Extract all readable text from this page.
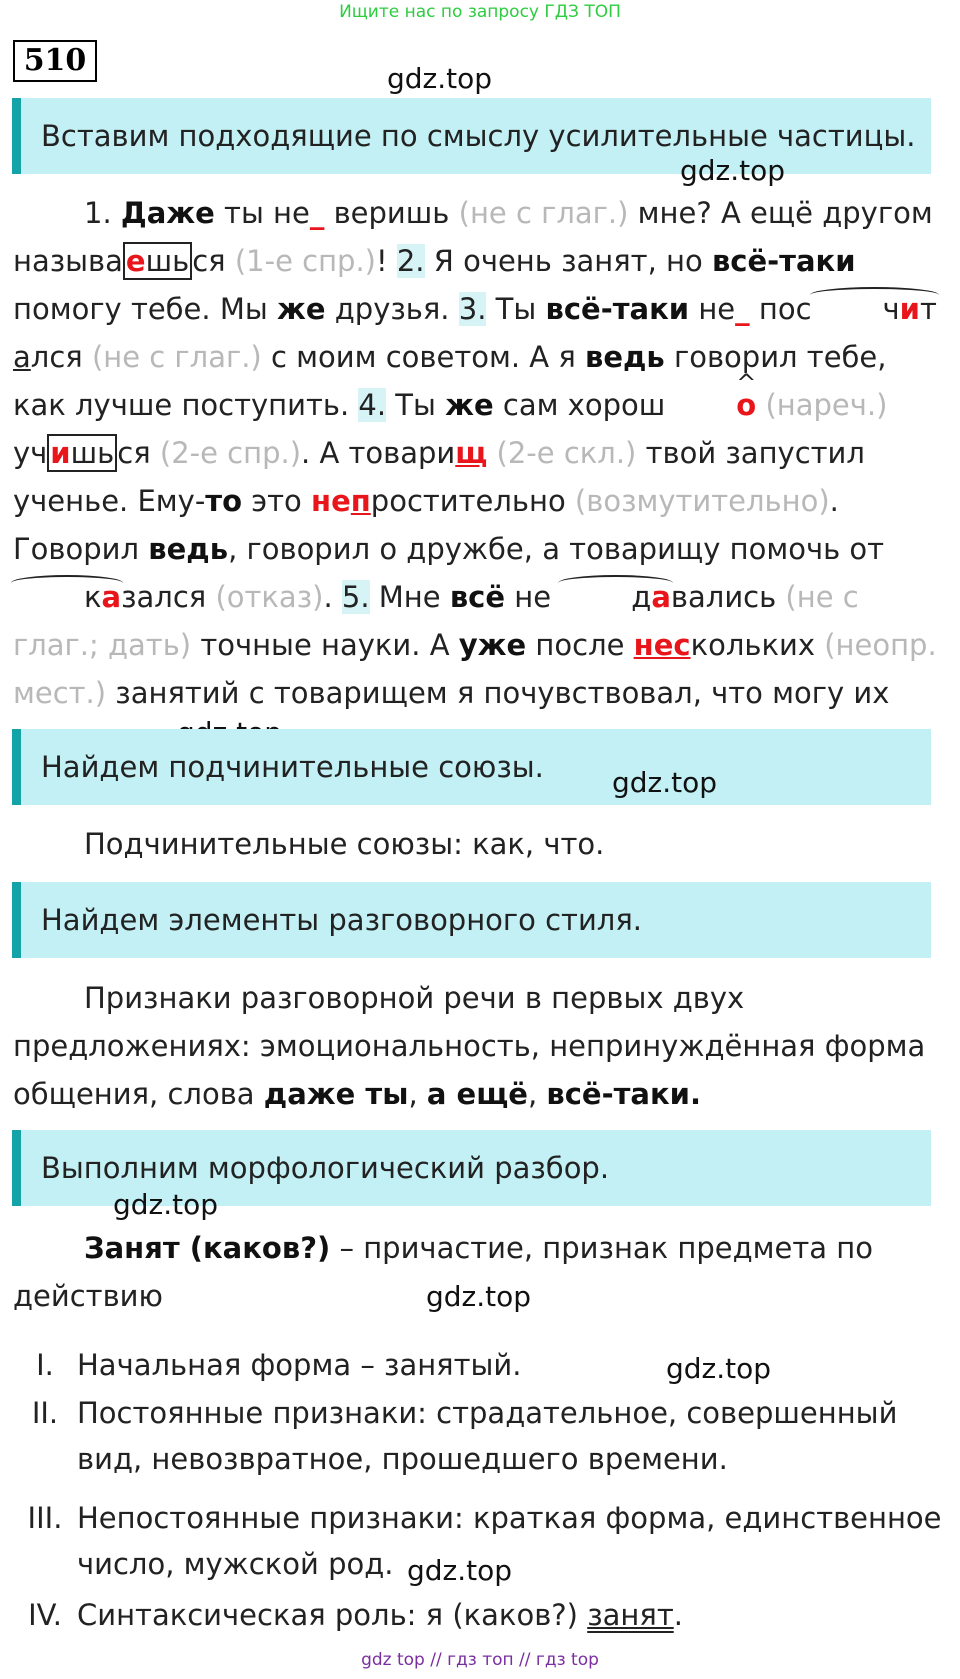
Ищите нас по запросу ГДЗ ТОП
510
gdz.top
Вставим подходящие по смыслу усилительные частицы.
gdz.top

1. Даже ты не_ веришь (не с глаг.) мне? А ещё другом называ ешь ся (1-е спр.)! 2. Я очень занят, но всё-таки помогу тебе. Мы же друзья. 3. Ты всё-таки не_ пос читался (не с глаг.) с моим советом. А я ведь говорил тебе, как лучше поступить. 4. Ты же сам хорош^ о (нареч.) уч ишь ся (2-е спр.). А товарищ (2-е скл.) твой запустил ученье. Ему-то это непростительно (возмутительно). Говорил ведь, говорил о дружбе, а товарищу помочь отказался (отказ). 5. Мне всё не давались (не с глаг.; дать) точные науки. А уже после нескольких (неопр. мест.) занятий с товарищем я почувствовал, что могу их

Найдем подчинительные союзы. gdz.top

Подчинительные союзы: как, что.

Найдем элементы разговорного стиля.

Признаки разговорной речи в первых двух предложениях: эмоциональность, непринуждённая форма общения, слова даже ты, а ещё, всё-таки.

Выполним морфологический разбор.
gdz.top

Занят (каков?) – причастие, признак предмета по действию	gdz.top
I. Начальная форма – занятый.	gdz.top
II. Постоянные признаки: страдательное, совершенный вид, невозвратное, прошедшего времени.
III. Непостоянные признаки: краткая форма, единственное число, мужской род. gdz.top
IV. Синтаксическая роль: я (каков?) занят.
gdz top // гдз топ // гдз top
